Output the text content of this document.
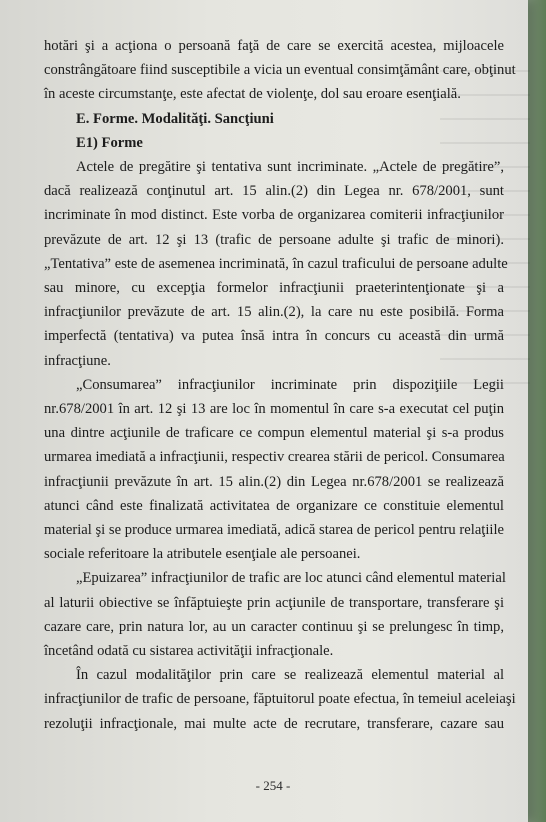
hotări şi a acţiona o persoană faţă de care se exercită acestea, mijloacele
constrângătoare fiind susceptibile a vicia un eventual consimţământ care, obţinut
în aceste circumstanţe, este afectat de violenţe, dol sau eroare esenţială.
E. Forme. Modalităţi. Sancţiuni
E1) Forme
Actele de pregătire şi tentativa sunt incriminate. „Actele de pregătire”,
dacă realizează conţinutul art. 15 alin.(2) din Legea nr. 678/2001, sunt
incriminate în mod distinct. Este vorba de organizarea comiterii infracţiunilor
prevăzute de art. 12 şi 13 (trafic de persoane adulte şi trafic de minori).
„Tentativa” este de asemenea incriminată, în cazul traficului de persoane adulte
sau minore, cu excepţia formelor infracţiunii praeterintenţionate şi a
infracţiunilor prevăzute de art. 15 alin.(2), la care nu este posibilă. Forma
imperfectă (tentativa) va putea însă intra în concurs cu această din urmă
infracţiune.
„Consumarea” infracţiunilor incriminate prin dispoziţiile Legii
nr.678/2001 în art. 12 şi 13 are loc în momentul în care s-a executat cel puţin
una dintre acţiunile de traficare ce compun elementul material şi s-a produs
urmarea imediată a infracţiunii, respectiv crearea stării de pericol. Consumarea
infracţiunii prevăzute în art. 15 alin.(2) din Legea nr.678/2001 se realizează
atunci când este finalizată activitatea de organizare ce constituie elementul
material şi se produce urmarea imediată, adică starea de pericol pentru relaţiile
sociale referitoare la atributele esenţiale ale persoanei.
„Epuizarea” infracţiunilor de trafic are loc atunci când elementul material
al laturii obiective se înfăptuieşte prin acţiunile de transportare, transferare şi
cazare care, prin natura lor, au un caracter continuu şi se prelungesc în timp,
încetând odată cu sistarea activităţii infracţionale.
În cazul modalităţilor prin care se realizează elementul material al
infracţiunilor de trafic de persoane, făptuitorul poate efectua, în temeiul aceleiaşi
rezoluţii infracţionale, mai multe acte de recrutare, transferare, cazare sau
- 254 -
